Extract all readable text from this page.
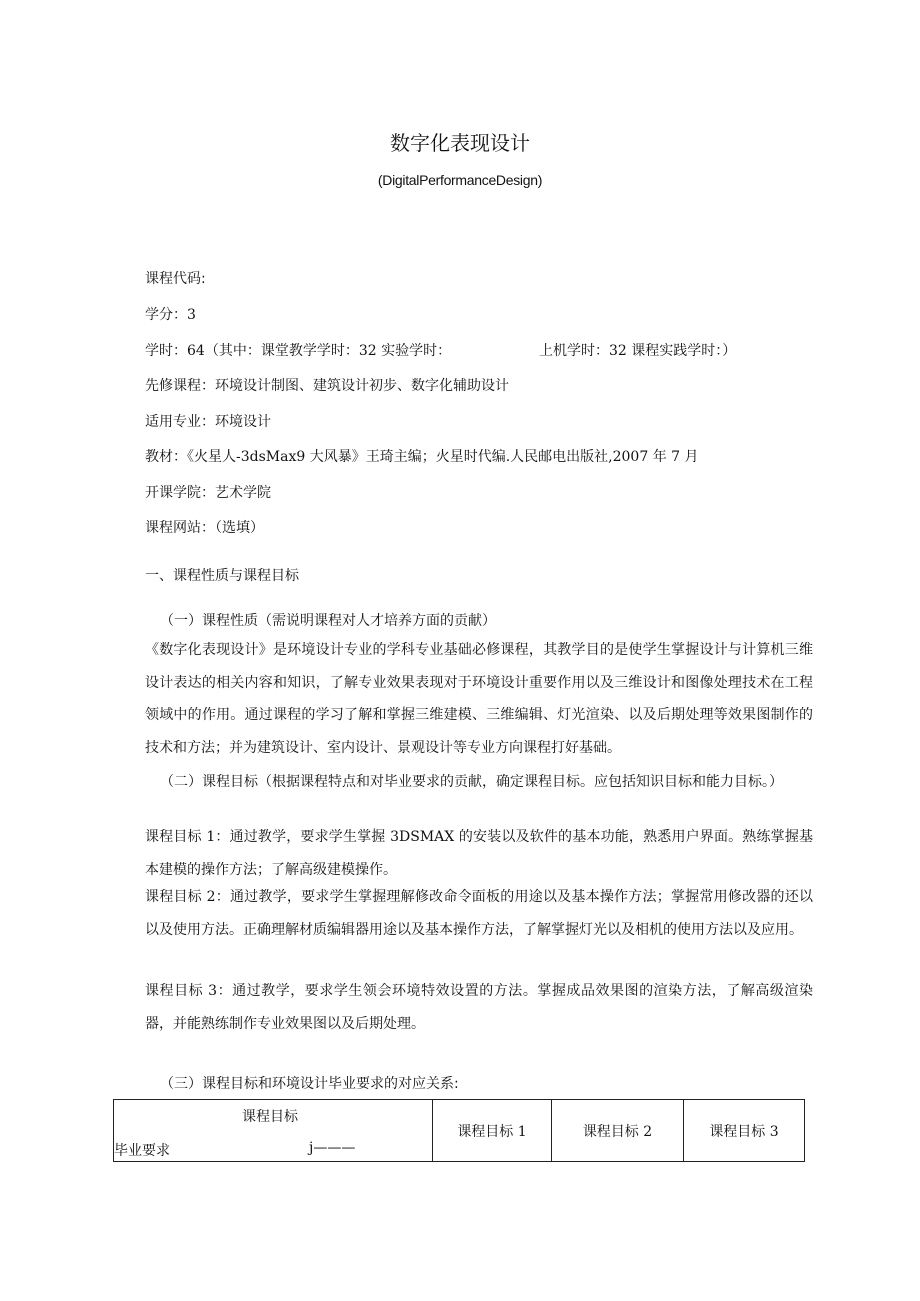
数字化表现设计
(DigitalPerformanceDesign)
课程代码:
学分：3
学时：64（其中：课堂教学学时：32 实验学时：	上机学时：32 课程实践学时：）
先修课程：环境设计制图、建筑设计初步、数字化辅助设计
适用专业：环境设计
教材：《火星人-3dsMax9 大风暴》王琦主编；火星时代编.人民邮电出版社,2007 年 7 月
开课学院：艺术学院
课程网站：（选填）
一、课程性质与课程目标
（一）课程性质（需说明课程对人才培养方面的贡献）
《数字化表现设计》是环境设计专业的学科专业基础必修课程，其教学目的是使学生掌握设计与计算机三维设计表达的相关内容和知识，了解专业效果表现对于环境设计重要作用以及三维设计和图像处理技术在工程领域中的作用。通过课程的学习了解和掌握三维建模、三维编辑、灯光渲染、以及后期处理等效果图制作的技术和方法；并为建筑设计、室内设计、景观设计等专业方向课程打好基础。
（二）课程目标（根据课程特点和对毕业要求的贡献，确定课程目标。应包括知识目标和能力目标。）
课程目标 1：通过教学，要求学生掌握 3DSMAX 的安装以及软件的基本功能，熟悉用户界面。熟练掌握基本建模的操作方法；了解高级建模操作。
课程目标 2：通过教学，要求学生掌握理解修改命令面板的用途以及基本操作方法；掌握常用修改器的还以以及使用方法。正确理解材质编辑器用途以及基本操作方法，了解掌握灯光以及相机的使用方法以及应用。
课程目标 3：通过教学，要求学生领会环境特效设置的方法。掌握成品效果图的渲染方法，了解高级渲染器，并能熟练制作专业效果图以及后期处理。
（三）课程目标和环境设计毕业要求的对应关系:
课程目标
毕业要求	j———
	课程目标 1	课程目标 2	课程目标 3
